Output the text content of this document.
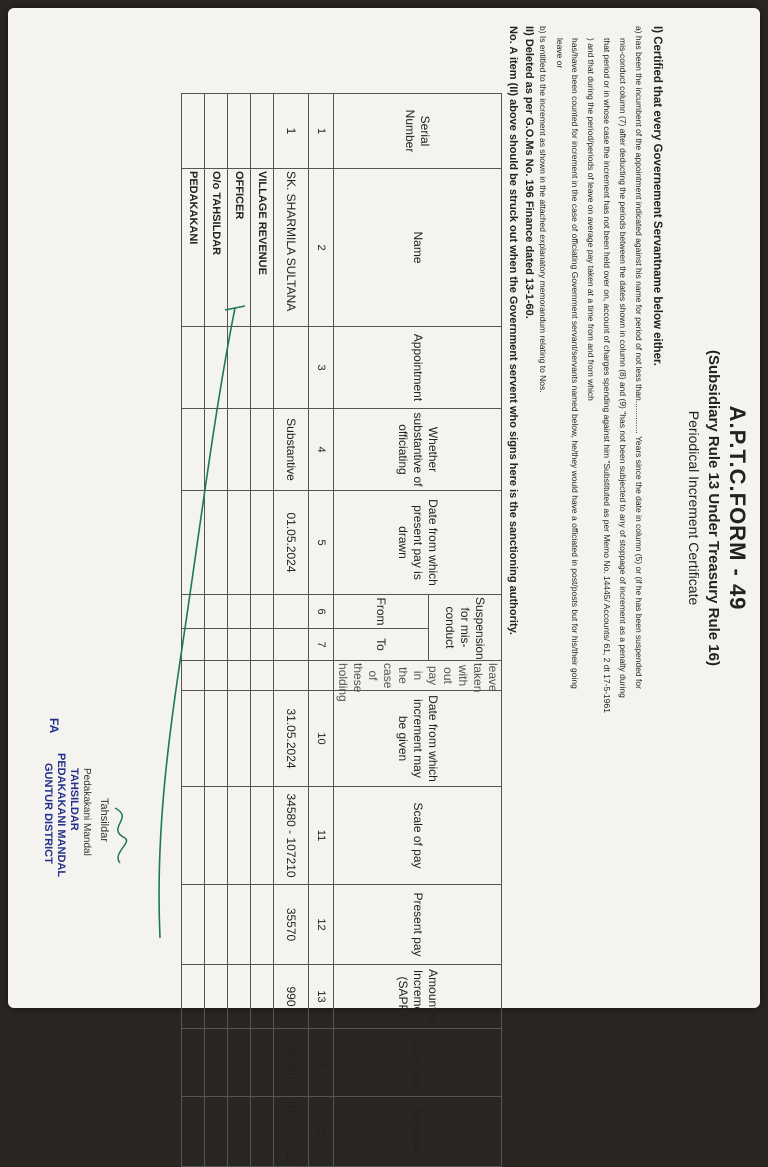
A.P.T.C.FORM - 49
(Subsidiary Rule 13 Under Treasury Rule 16)
Periodical Increment Certificate
I) Certified that every Governement Servantname below either.
a) has been the incumbent of the appointment indicated against his name for period of not less than.............. Years since the date in column (5) or (if he has been suspended for
mis-conduct column (7) after deducting the periods between the dates shown in column (8) and (9) "has not been subjected to any of stoppage of increment as a penalty during
that period or in whose case the increment has not been held over on, account of charges spending against him "Substituted as per Memo No. 14445/ Accounts/ 61, 2 dt 17-5-1961
) and that during the period/periods of leave on average pay taken at a time from and from which
has/have been counted for increment in the case of officiating Government servant/servants named below, he/they would have a officiated in post/posts but for his/their going
leave or
b) Is entitled to the increment as shown in the attached explanatory memorandum relating to Nos.
II) Deleted as per G.O.Ms No. 196 Finance dated 13-1-60.
No. A item (II) above should be struck out when the Government servent who signs here is the sanctioning authority.
Serial Number	Name	Appointment	Whether substantive of officiating	Date from which present pay is drawn	Suspension for mis-conduct		leave taken with out pay in the case of these holding	Date from which increment may be given	Scale of pay	Present pay	Amount of Increment (SAPP)	Future pay	Remarks
					From	To							
1	2	3	4	5	6	7		10	11	12	13	14	15
1	SK. SHARMILA SULTANA		Substantive	01.05.2024				31.05.2024	34580 - 107210	35570	990	36560	RPS - 2022
	VILLAGE REVENUE												
	OFFICER												
	O/o TAHSILDAR												
	PEDAKAKANI												
Tahsildar
Pedakakani Mandal
TAHSILDAR
PEDAKAKANI MANDAL
GUNTUR DISTRICT
FA
